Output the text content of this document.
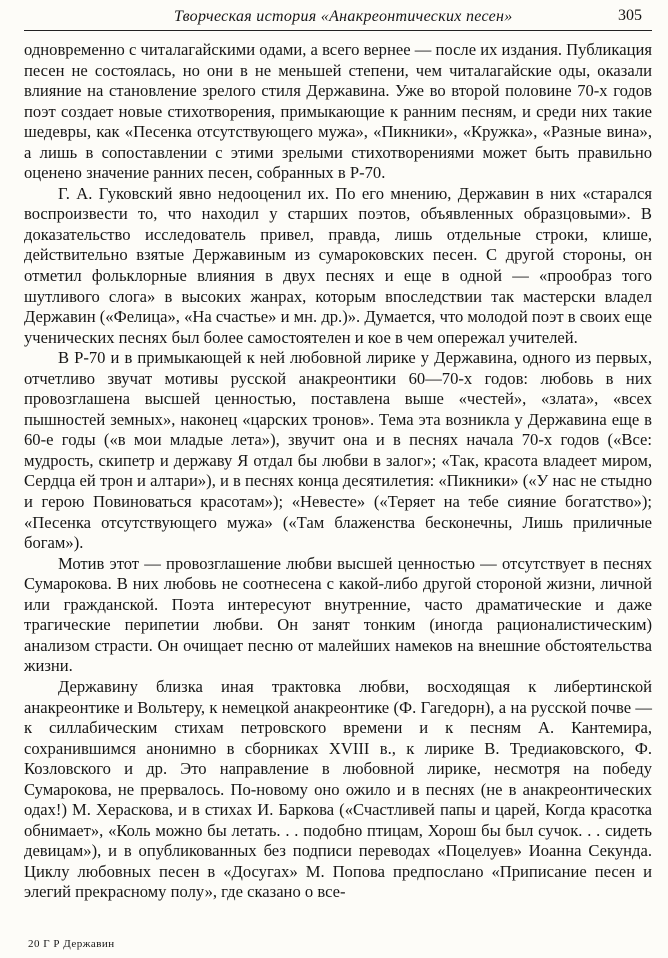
Творческая история «Анакреонтических песен»	305

одновременно с читалагайскими одами, а всего вернее — после их издания. Публикация песен не состоялась, но они в не меньшей степени, чем читалагайские оды, оказали влияние на становление зрелого стиля Державина. Уже во второй половине 70-х годов поэт создает новые стихотворения, примыкающие к ранним песням, и среди них такие шедевры, как «Песенка отсутствующего мужа», «Пикники», «Кружка», «Разные вина», а лишь в сопоставлении с этими зрелыми стихотворениями может быть правильно оценено значение ранних песен, собранных в Р-70.

Г. А. Гуковский явно недооценил их. По его мнению, Державин в них «старался воспроизвести то, что находил у старших поэтов, объявленных образцовыми». В доказательство исследователь привел, правда, лишь отдельные строки, клише, действительно взятые Державиным из сумароковских песен. С другой стороны, он отметил фольклорные влияния в двух песнях и еще в одной — «прообраз того шутливого слога» в высоких жанрах, которым впоследствии так мастерски владел Державин («Фелица», «На счастье» и мн. др.)». Думается, что молодой поэт в своих еще ученических песнях был более самостоятелен и кое в чем опережал учителей.

В Р-70 и в примыкающей к ней любовной лирике у Державина, одного из первых, отчетливо звучат мотивы русской анакреонтики 60—70-х годов: любовь в них провозглашена высшей ценностью, поставлена выше «честей», «злата», «всех пышностей земных», наконец «царских тронов». Тема эта возникла у Державина еще в 60-е годы («в мои младые лета»), звучит она и в песнях начала 70-х годов («Все: мудрость, скипетр и державу Я отдал бы любви в залог»; «Так, красота владеет миром, Сердца ей трон и алтари»), и в песнях конца десятилетия: «Пикники» («У нас не стыдно и герою Повиноваться красотам»); «Невесте» («Теряет на тебе сияние богатство»); «Песенка отсутствующего мужа» («Там блаженства бесконечны, Лишь приличные богам»).

Мотив этот — провозглашение любви высшей ценностью — отсутствует в песнях Сумарокова. В них любовь не соотнесена с какой-либо другой стороной жизни, личной или гражданской. Поэта интересуют внутренние, часто драматические и даже трагические перипетии любви. Он занят тонким (иногда рационалистическим) анализом страсти. Он очищает песню от малейших намеков на внешние обстоятельства жизни.

Державину близка иная трактовка любви, восходящая к либертинской анакреонтике и Вольтеру, к немецкой анакреонтике (Ф. Гагедорн), а на русской почве — к силлабическим стихам петровского времени и к песням А. Кантемира, сохранившимся анонимно в сборниках XVIII в., к лирике В. Тредиаковского, Ф. Козловского и др. Это направление в любовной лирике, несмотря на победу Сумарокова, не прервалось. По-новому оно ожило и в песнях (не в анакреонтических одах!) М. Хераскова, и в стихах И. Баркова («Счастливей папы и царей, Когда красотка обнимает», «Коль можно бы летать. . . подобно птицам, Хорош бы был сучок. . . сидеть девицам»), и в опубликованных без подписи переводах «Поцелуев» Иоанна Секунда. Циклу любовных песен в «Досугах» М. Попова предпослано «Приписание песен и элегий прекрасному полу», где сказано о все-

20 Г Р Державин
